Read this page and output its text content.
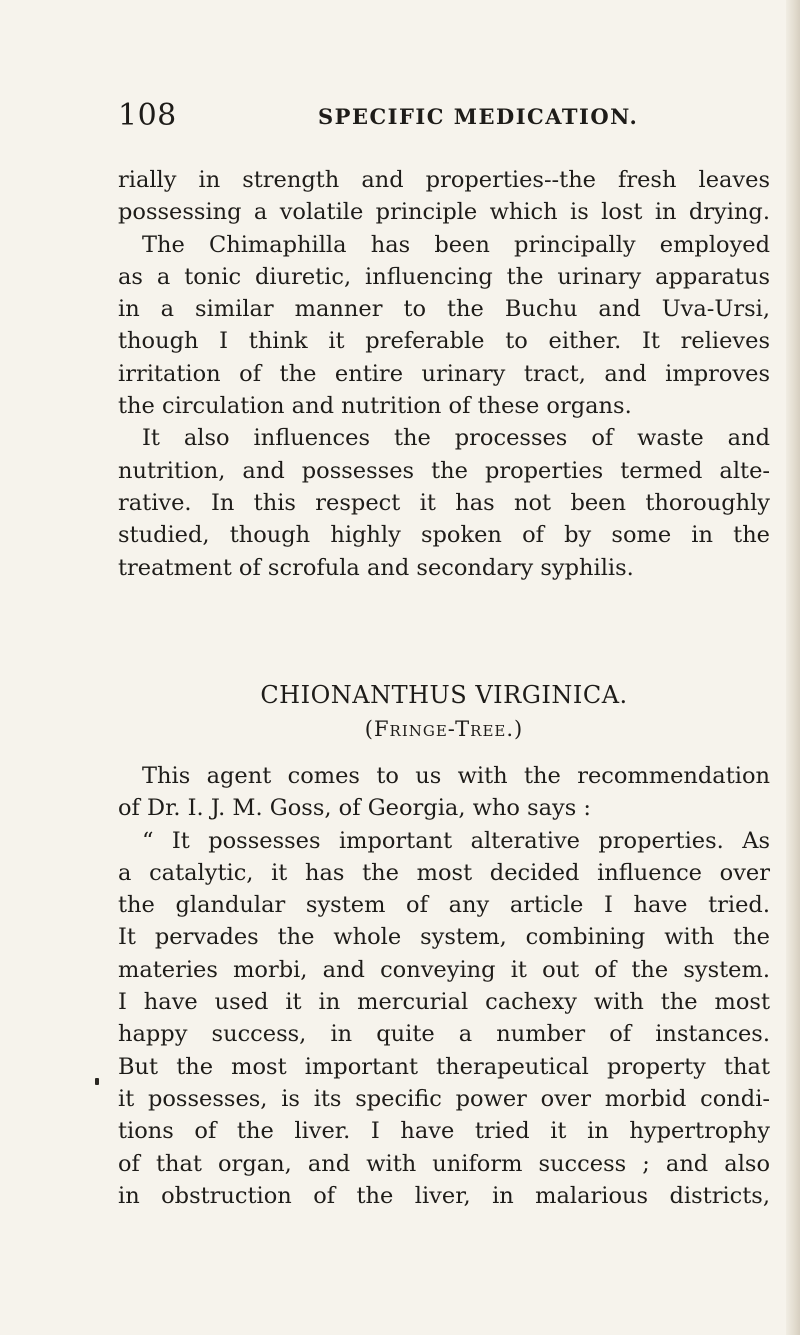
108	SPECIFIC MEDICATION.
rially in strength and properties--the fresh leaves
possessing a volatile principle which is lost in drying.
The Chimaphilla has been principally employed
as a tonic diuretic, influencing the urinary apparatus
in a similar manner to the Buchu and Uva-Ursi,
though I think it preferable to either. It relieves
irritation of the entire urinary tract, and improves
the circulation and nutrition of these organs.
It also influences the processes of waste and
nutrition, and possesses the properties termed alte-
rative. In this respect it has not been thoroughly
studied, though highly spoken of by some in the
treatment of scrofula and secondary syphilis.
CHIONANTHUS VIRGINICA.
(Fringe-Tree.)
This agent comes to us with the recommendation
of Dr. I. J. M. Goss, of Georgia, who says :
“ It possesses important alterative properties. As
a catalytic, it has the most decided influence over
the glandular system of any article I have tried.
It pervades the whole system, combining with the
materies morbi, and conveying it out of the system.
I have used it in mercurial cachexy with the most
happy success, in quite a number of instances.
But the most important therapeutical property that
it possesses, is its specific power over morbid condi-
tions of the liver. I have tried it in hypertrophy
of that organ, and with uniform success ; and also
in obstruction of the liver, in malarious districts,
